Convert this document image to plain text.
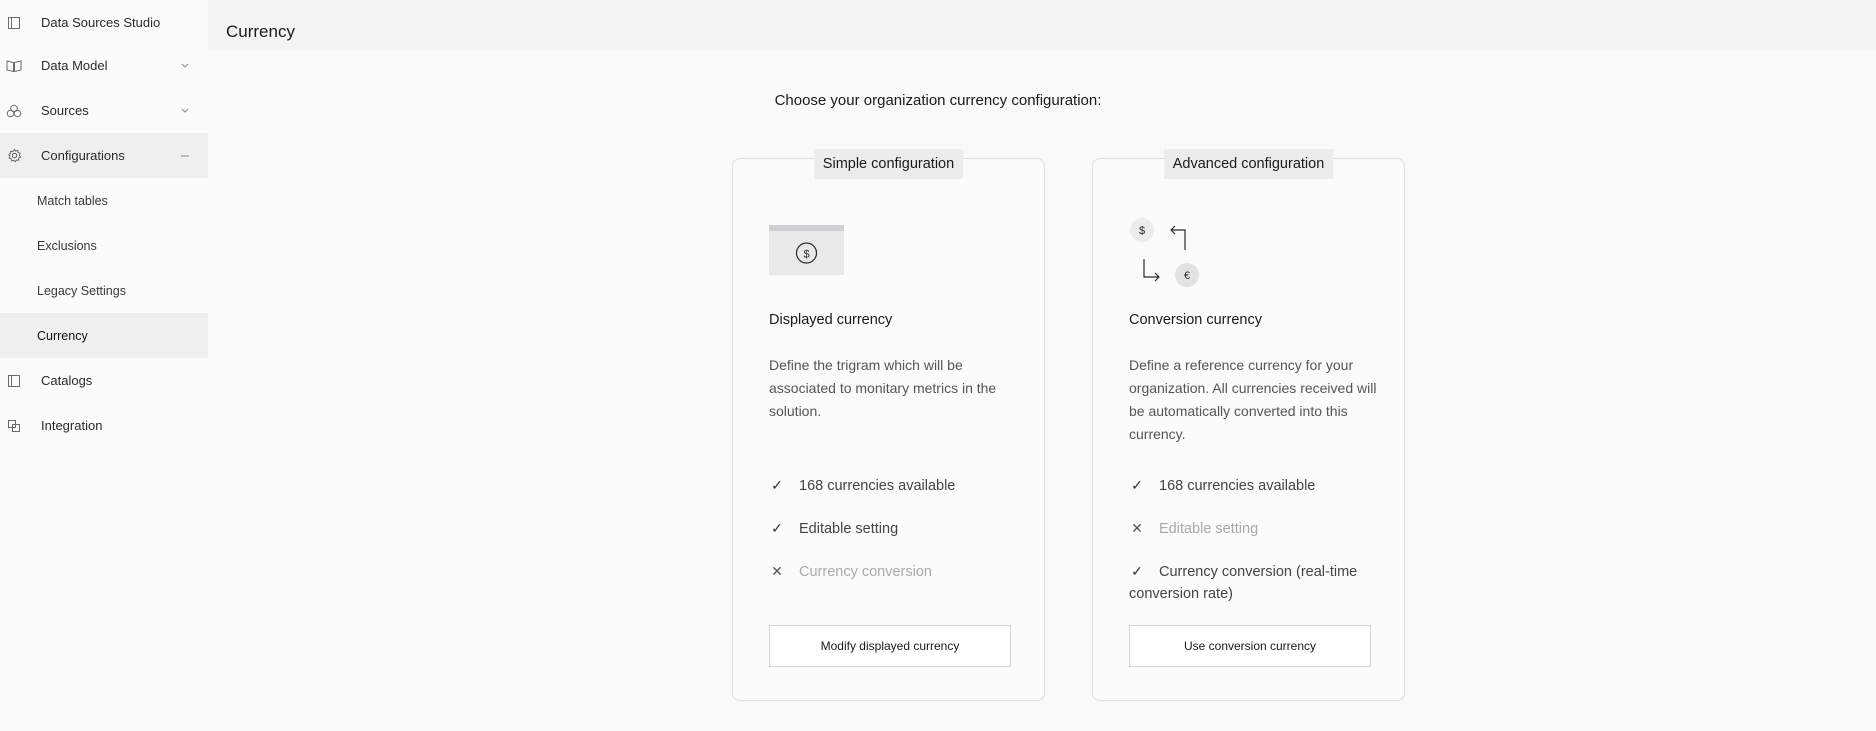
Data Sources Studio
Data Model
Sources
Configurations
Match tables
Exclusions
Legacy Settings
Currency
Catalogs
Integration
Currency
Choose your organization currency configuration:
Simple configuration
$
Displayed currency
Define the trigram which will be associated to monitary metrics in the solution.
✓ 168 currencies available
✓ Editable setting
✕ Currency conversion
Modify displayed currency
Advanced configuration
$
€
Conversion currency
Define a reference currency for your organization. All currencies received will be automatically converted into this currency.
✓ 168 currencies available
✕ Editable setting
✓ Currency conversion (real-time conversion rate)
Use conversion currency
